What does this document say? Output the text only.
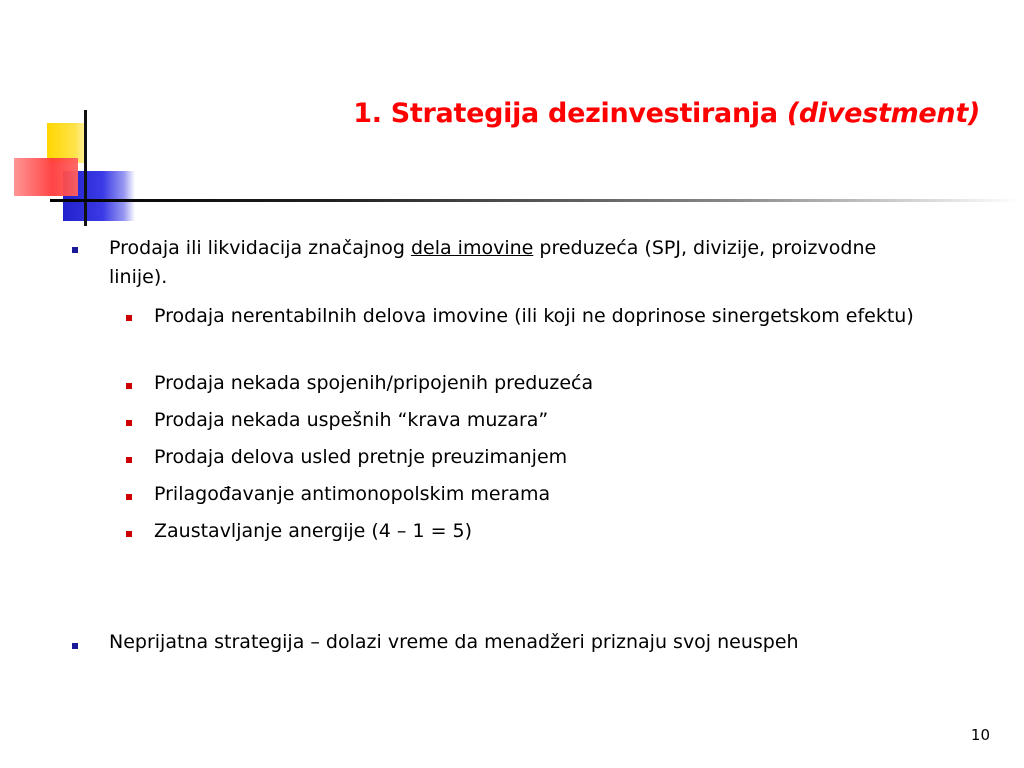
1. Strategija dezinvestiranja (divestment)
Prodaja ili likvidacija značajnog dela imovine preduzeća (SPJ, divizije, proizvodne linije).
Prodaja nerentabilnih delova imovine (ili koji ne doprinose sinergetskom efektu)
Prodaja nekada spojenih/pripojenih preduzeća
Prodaja nekada uspešnih “krava muzara”
Prodaja delova usled pretnje preuzimanjem
Prilagođavanje antimonopolskim merama
Zaustavljanje anergije (4 – 1 = 5)
Neprijatna strategija – dolazi vreme da menadžeri priznaju svoj neuspeh
10
